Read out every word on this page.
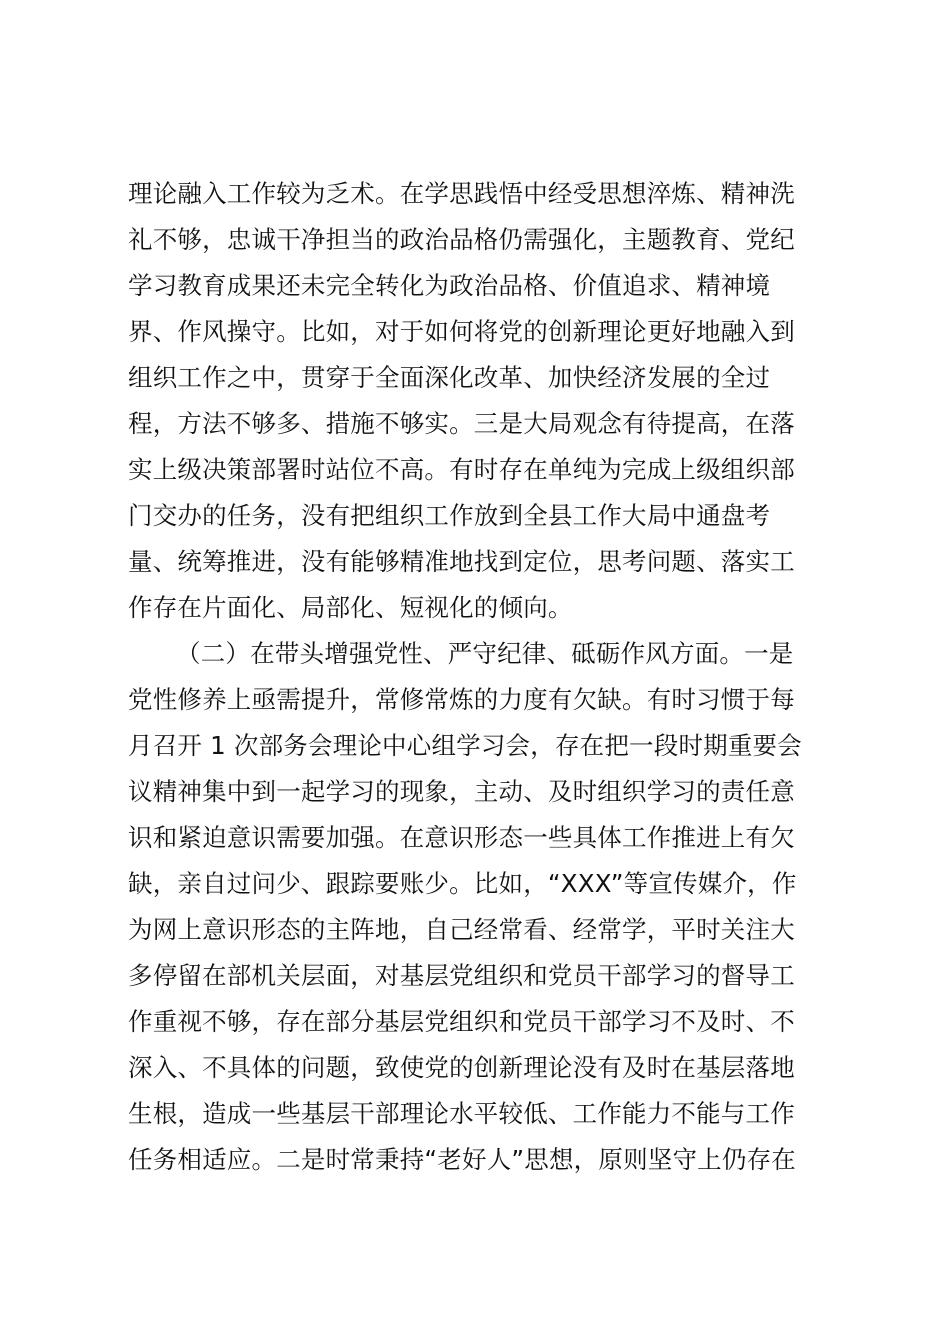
理论融入工作较为乏术。在学思践悟中经受思想淬炼、精神洗
礼不够，忠诚干净担当的政治品格仍需强化，主题教育、党纪
学习教育成果还未完全转化为政治品格、价值追求、精神境
界、作风操守。比如，对于如何将党的创新理论更好地融入到
组织工作之中，贯穿于全面深化改革、加快经济发展的全过
程，方法不够多、措施不够实。三是大局观念有待提高，在落
实上级决策部署时站位不高。有时存在单纯为完成上级组织部
门交办的任务，没有把组织工作放到全县工作大局中通盘考
量、统筹推进，没有能够精准地找到定位，思考问题、落实工
作存在片面化、局部化、短视化的倾向。
（二）在带头增强党性、严守纪律、砥砺作风方面。一是
党性修养上亟需提升，常修常炼的力度有欠缺。有时习惯于每
月召开 1 次部务会理论中心组学习会，存在把一段时期重要会
议精神集中到一起学习的现象，主动、及时组织学习的责任意
识和紧迫意识需要加强。在意识形态一些具体工作推进上有欠
缺，亲自过问少、跟踪要账少。比如，“XXX”等宣传媒介，作
为网上意识形态的主阵地，自己经常看、经常学，平时关注大
多停留在部机关层面，对基层党组织和党员干部学习的督导工
作重视不够，存在部分基层党组织和党员干部学习不及时、不
深入、不具体的问题，致使党的创新理论没有及时在基层落地
生根，造成一些基层干部理论水平较低、工作能力不能与工作
任务相适应。二是时常秉持“老好人”思想，原则坚守上仍存在
